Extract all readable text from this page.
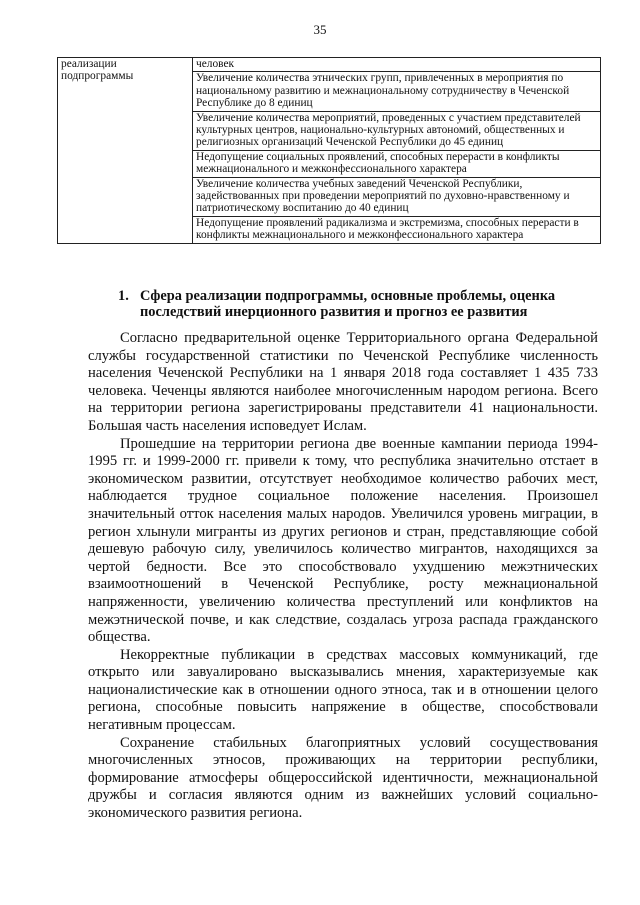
35
реализации
подпрограммы
	человек
Увеличение количества этнических групп, привлеченных в мероприятия по национальному развитию и межнациональному сотрудничеству в Чеченской Республике до 8 единиц
Увеличение количества мероприятий, проведенных с участием представителей культурных центров, национально-культурных автономий, общественных и религиозных организаций Чеченской Республики до 45 единиц
Недопущение социальных проявлений, способных перерасти в конфликты межнационального и межконфессионального характера
Увеличение количества учебных заведений Чеченской Республики, задействованных при проведении мероприятий по духовно-нравственному и патриотическому воспитанию до 40 единиц
Недопущение проявлений радикализма и экстремизма, способных перерасти в конфликты межнационального и межконфессионального характера
1. Сфера реализации подпрограммы, основные проблемы, оценка
последствий инерционного развития и прогноз ее развития

Согласно предварительной оценке Территориального органа Федеральной службы государственной статистики по Чеченской Республике численность населения Чеченской Республики на 1 января 2018 года составляет 1 435 733 человека. Чеченцы являются наиболее многочисленным народом региона. Всего на территории региона зарегистрированы представители 41 национальности. Большая часть населения исповедует Ислам.

Прошедшие на территории региона две военные кампании периода 1994-1995 гг. и 1999-2000 гг. привели к тому, что республика значительно отстает в экономическом развитии, отсутствует необходимое количество рабочих мест, наблюдается трудное социальное положение населения. Произошел значительный отток населения малых народов. Увеличился уровень миграции, в регион хлынули мигранты из других регионов и стран, представляющие собой дешевую рабочую силу, увеличилось количество мигрантов, находящихся за чертой бедности. Все это способствовало ухудшению межэтнических взаимоотношений в Чеченской Республике, росту межнациональной напряженности, увеличению количества преступлений или конфликтов на межэтнической почве, и как следствие, создалась угроза распада гражданского общества.

Некорректные публикации в средствах массовых коммуникаций, где открыто или завуалировано высказывались мнения, характеризуемые как националистические как в отношении одного этноса, так и в отношении целого региона, способные повысить напряжение в обществе, способствовали негативным процессам.

Сохранение стабильных благоприятных условий сосуществования многочисленных этносов, проживающих на территории республики, формирование атмосферы общероссийской идентичности, межнациональной дружбы и согласия являются одним из важнейших условий социально-экономического развития региона.
